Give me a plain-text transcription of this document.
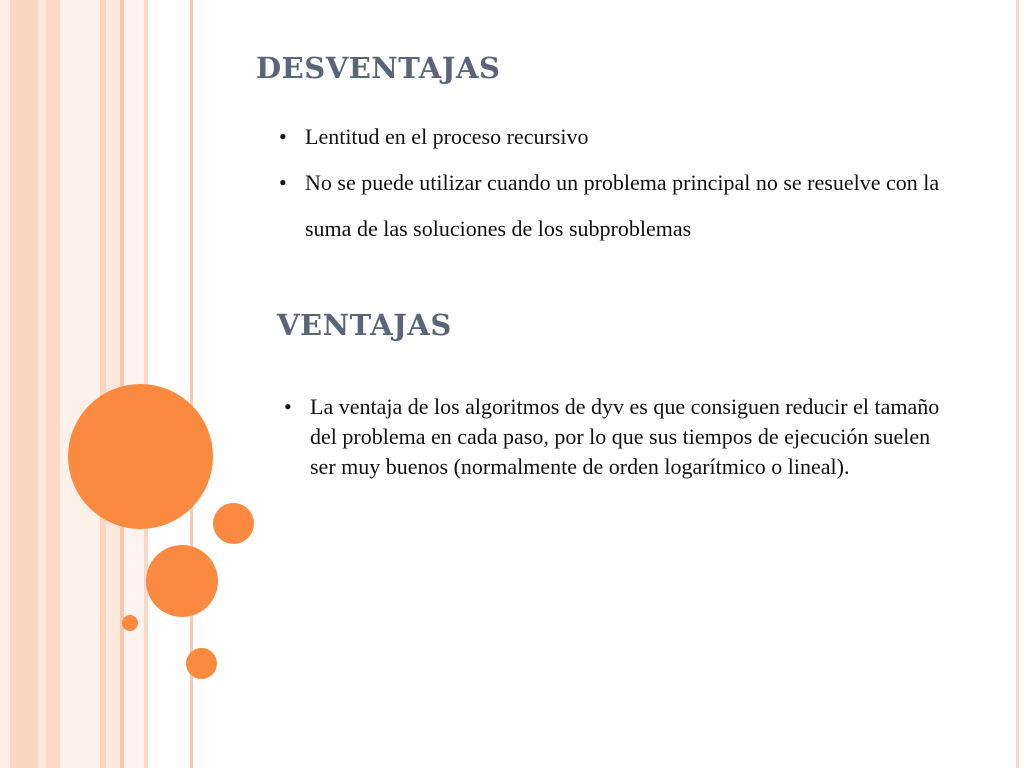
DESVENTAJAS
• Lentitud en el proceso recursivo
• No se puede utilizar cuando un problema principal no se resuelve con la suma de las soluciones de los subproblemas
VENTAJAS
• La ventaja de los algoritmos de dyv es que consiguen reducir el tamaño del problema en cada paso, por lo que sus tiempos de ejecución suelen ser muy buenos (normalmente de orden logarítmico o lineal).
